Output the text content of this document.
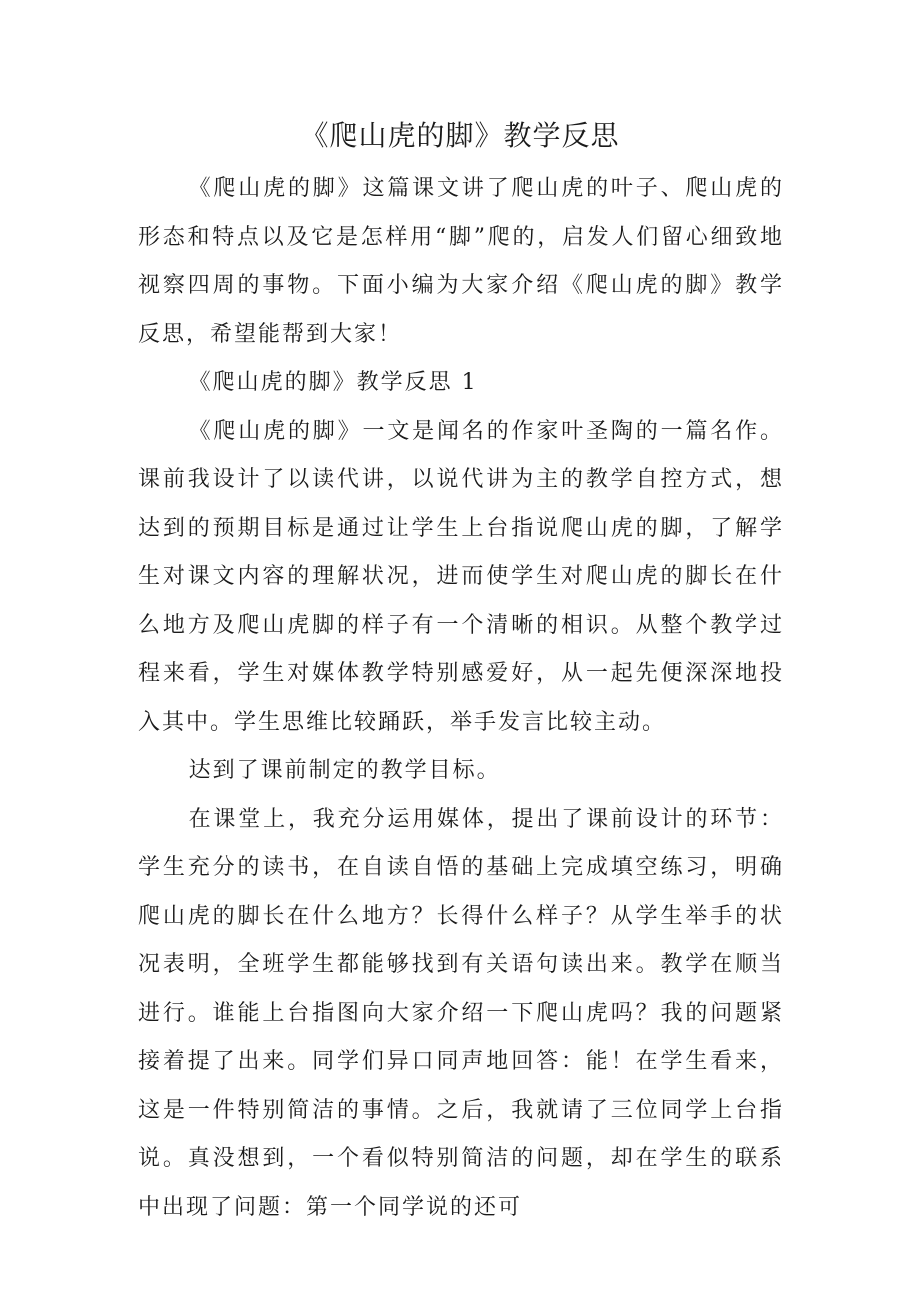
《爬山虎的脚》教学反思

《爬山虎的脚》这篇课文讲了爬山虎的叶子、爬山虎的形态和特点以及它是怎样用“脚”爬的，启发人们留心细致地视察四周的事物。下面小编为大家介绍《爬山虎的脚》教学反思，希望能帮到大家！

《爬山虎的脚》教学反思 1

《爬山虎的脚》一文是闻名的作家叶圣陶的一篇名作。课前我设计了以读代讲，以说代讲为主的教学自控方式，想达到的预期目标是通过让学生上台指说爬山虎的脚，了解学生对课文内容的理解状况，进而使学生对爬山虎的脚长在什么地方及爬山虎脚的样子有一个清晰的相识。从整个教学过程来看，学生对媒体教学特别感爱好，从一起先便深深地投入其中。学生思维比较踊跃，举手发言比较主动。

达到了课前制定的教学目标。

在课堂上，我充分运用媒体，提出了课前设计的环节：学生充分的读书，在自读自悟的基础上完成填空练习，明确爬山虎的脚长在什么地方？长得什么样子？从学生举手的状况表明，全班学生都能够找到有关语句读出来。教学在顺当进行。谁能上台指图向大家介绍一下爬山虎吗？我的问题紧接着提了出来。同学们异口同声地回答：能！在学生看来，这是一件特别简洁的事情。之后，我就请了三位同学上台指说。真没想到，一个看似特别简洁的问题，却在学生的联系中出现了问题：第一个同学说的还可
